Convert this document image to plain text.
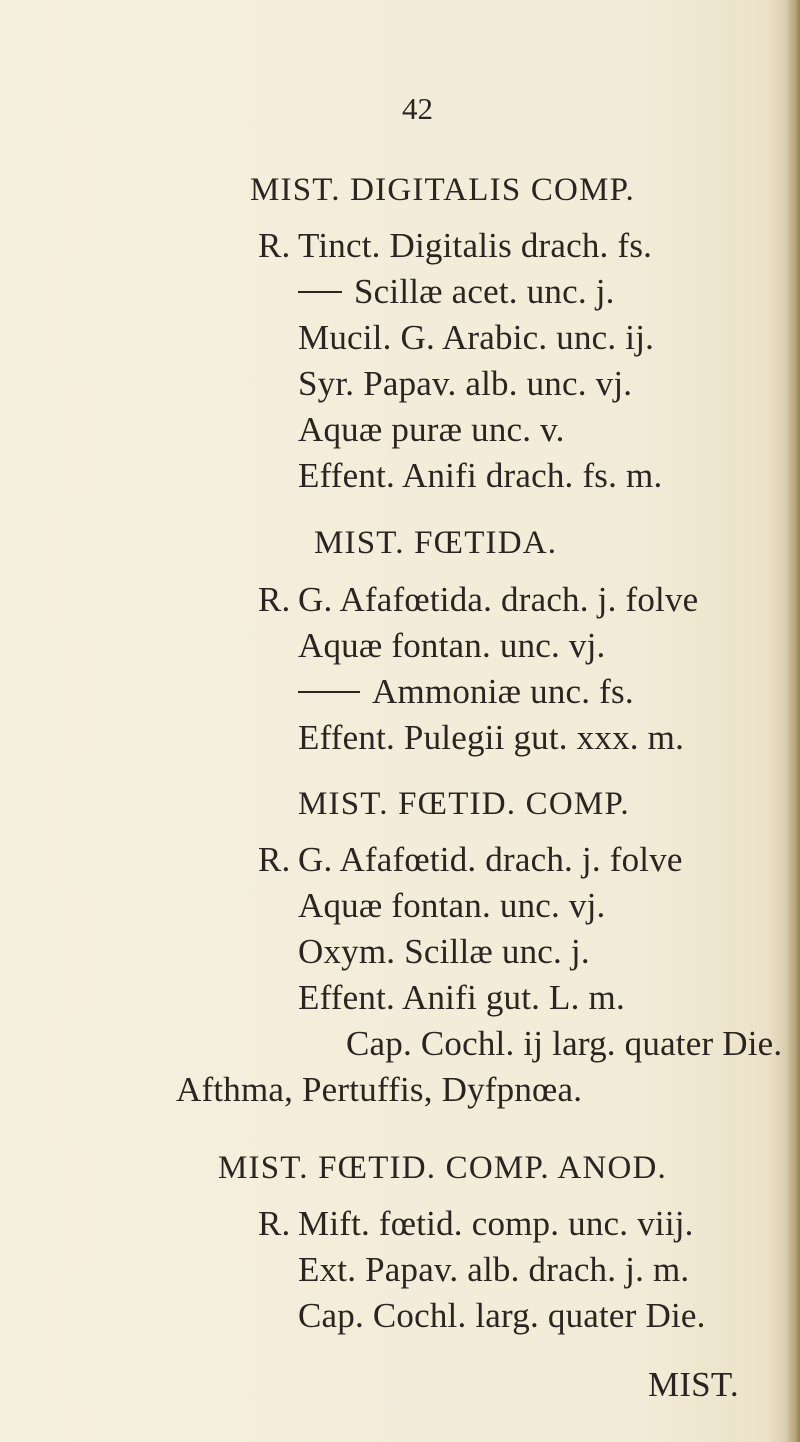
42
MIST. DIGITALIS COMP.
R. Tinct. Digitalis drach. fs.
Scillæ acet. unc. j.
Mucil. G. Arabic. unc. ij.
Syr. Papav. alb. unc. vj.
Aquæ puræ unc. v.
Effent. Anifi drach. fs. m.
MIST. FŒTIDA.
R. G. Afafœtida. drach. j. folve
Aquæ fontan. unc. vj.
Ammoniæ unc. fs.
Effent. Pulegii gut. xxx. m.
MIST. FŒTID. COMP.
R. G. Afafœtid. drach. j. folve
Aquæ fontan. unc. vj.
Oxym. Scillæ unc. j.
Effent. Anifi gut. L. m.
Cap. Cochl. ij larg. quater Die.
Afthma, Pertuffis, Dyfpnœa.
MIST. FŒTID. COMP. ANOD.
R. Mift. fœtid. comp. unc. viij.
Ext. Papav. alb. drach. j. m.
Cap. Cochl. larg. quater Die.
MIST.
